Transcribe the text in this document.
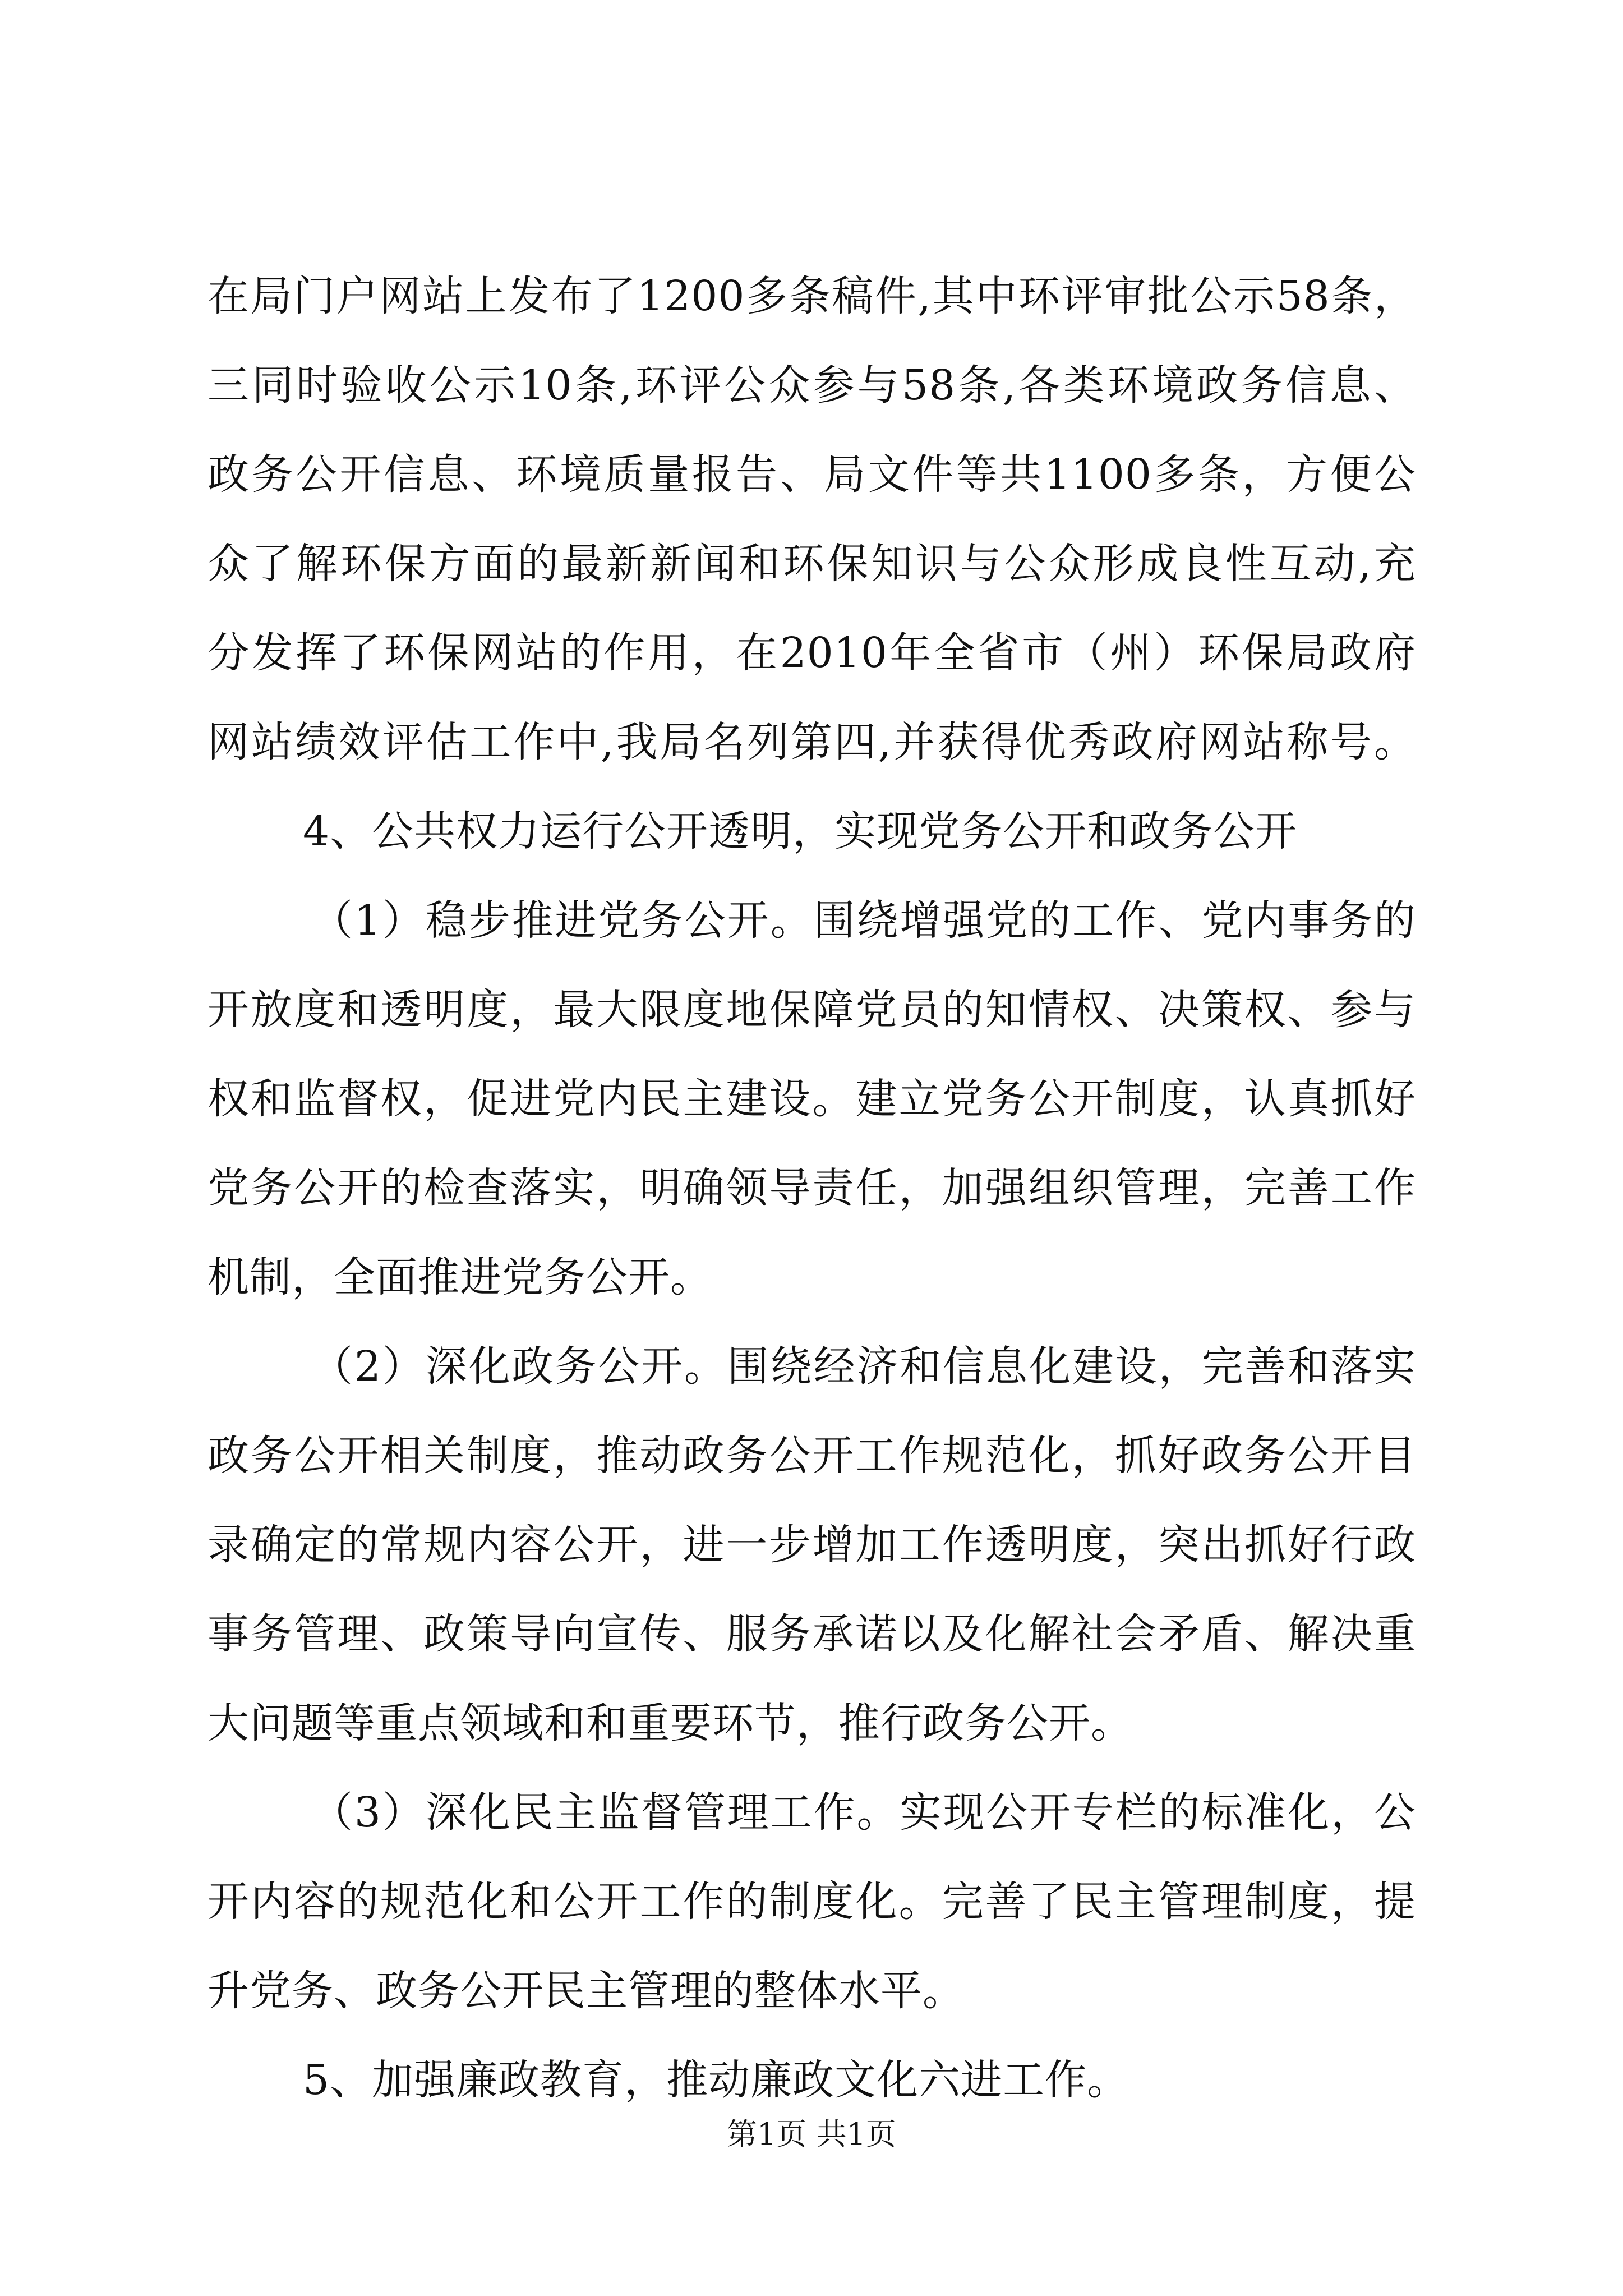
在局门户网站上发布了1200多条稿件,其中环评审批公示58条，
三同时验收公示10条,环评公众参与58条,各类环境政务信息、
政务公开信息、环境质量报告、局文件等共1100多条，方便公
众了解环保方面的最新新闻和环保知识与公众形成良性互动,充
分发挥了环保网站的作用，在2010年全省市（州）环保局政府
网站绩效评估工作中,我局名列第四,并获得优秀政府网站称号。
4、公共权力运行公开透明，实现党务公开和政务公开
（1）稳步推进党务公开。围绕增强党的工作、党内事务的
开放度和透明度，最大限度地保障党员的知情权、决策权、参与
权和监督权，促进党内民主建设。建立党务公开制度，认真抓好
党务公开的检查落实，明确领导责任，加强组织管理，完善工作
机制，全面推进党务公开。
（2）深化政务公开。围绕经济和信息化建设，完善和落实
政务公开相关制度，推动政务公开工作规范化，抓好政务公开目
录确定的常规内容公开，进一步增加工作透明度，突出抓好行政
事务管理、政策导向宣传、服务承诺以及化解社会矛盾、解决重
大问题等重点领域和和重要环节，推行政务公开。
（3）深化民主监督管理工作。实现公开专栏的标准化，公
开内容的规范化和公开工作的制度化。完善了民主管理制度，提
升党务、政务公开民主管理的整体水平。
5、加强廉政教育，推动廉政文化六进工作。
第1页 共1页
